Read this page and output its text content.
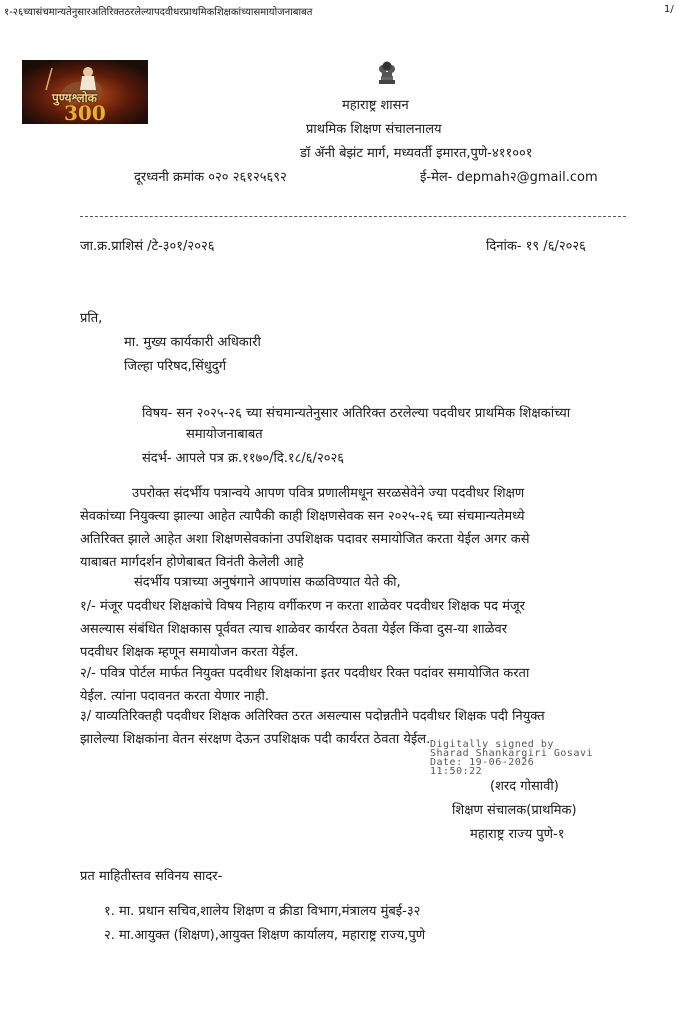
१-२६च्यासंचमान्यतेनुसारअतिरिक्तठरलेल्यापदवीधरप्राथमिकशिक्षकांच्यासमायोजनाबाबत	1/
पुण्यश्लोक
300	महाराष्ट्र शासन
प्राथमिक शिक्षण संचालनालय
डॉ ॲनी बेझंट मार्ग, मध्यवर्ती इमारत,पुणे-४११००१
दूरध्वनी क्रमांक ०२० २६१२५६९२	ई-मेल- depmah२@gmail.com
जा.क्र.प्राशिसं /टे-३०१/२०२६	दिनांक- १९ /६/२०२६
प्रति,
मा. मुख्य कार्यकारी अधिकारी
जिल्हा परिषद,सिंधुदुर्ग
विषय- सन २०२५-२६ च्या संचमान्यतेनुसार अतिरिक्त ठरलेल्या पदवीधर प्राथमिक शिक्षकांच्या
समायोजनाबाबत
संदर्भ- आपले पत्र क्र.११७०/दि.१८/६/२०२६
उपरोक्त संदर्भीय पत्रान्वये आपण पवित्र प्रणालीमधून सरळसेवेने ज्या पदवीधर शिक्षण
सेवकांच्या नियुक्त्या झाल्या आहेत त्यापैकी काही शिक्षणसेवक सन २०२५-२६ च्या संचमान्यतेमध्ये
अतिरिक्त झाले आहेत अशा शिक्षणसेवकांना उपशिक्षक पदावर समायोजित करता येईल अगर कसे
याबाबत मार्गदर्शन होणेबाबत विनंती केलेली आहे
संदर्भीय पत्राच्या अनुषंगाने आपणांस कळविण्यात येते की,
१/- मंजूर पदवीधर शिक्षकांचे विषय निहाय वर्गीकरण न करता शाळेवर पदवीधर शिक्षक पद मंजूर
असल्यास संबंधित शिक्षकास पूर्ववत त्याच शाळेवर कार्यरत ठेवता येईल किंवा दुस-या शाळेवर
पदवीधर शिक्षक म्हणून समायोजन करता येईल.
२/- पवित्र पोर्टल मार्फत नियुक्त पदवीधर शिक्षकांना इतर पदवीधर रिक्त पदांवर समायोजित करता
येईल. त्यांना पदावनत करता येणार नाही.
३/ याव्यतिरिक्तही पदवीधर शिक्षक अतिरिक्त ठरत असल्यास पदोन्नतीने पदवीधर शिक्षक पदी नियुक्त
झालेल्या शिक्षकांना वेतन संरक्षण देऊन उपशिक्षक पदी कार्यरत ठेवता येईल. Digitally signed by
Sharad Shankargiri Gosavi
Date: 19-06-2026
11:50:22
(शरद गोसावी)
शिक्षण संचालक(प्राथमिक)
महाराष्ट्र राज्य पुणे-१
प्रत माहितीस्तव सविनय सादर-
१. मा. प्रधान सचिव,शालेय शिक्षण व क्रीडा विभाग,मंत्रालय मुंबई-३२
२. मा.आयुक्त (शिक्षण),आयुक्त शिक्षण कार्यालय, महाराष्ट्र राज्य,पुणे
